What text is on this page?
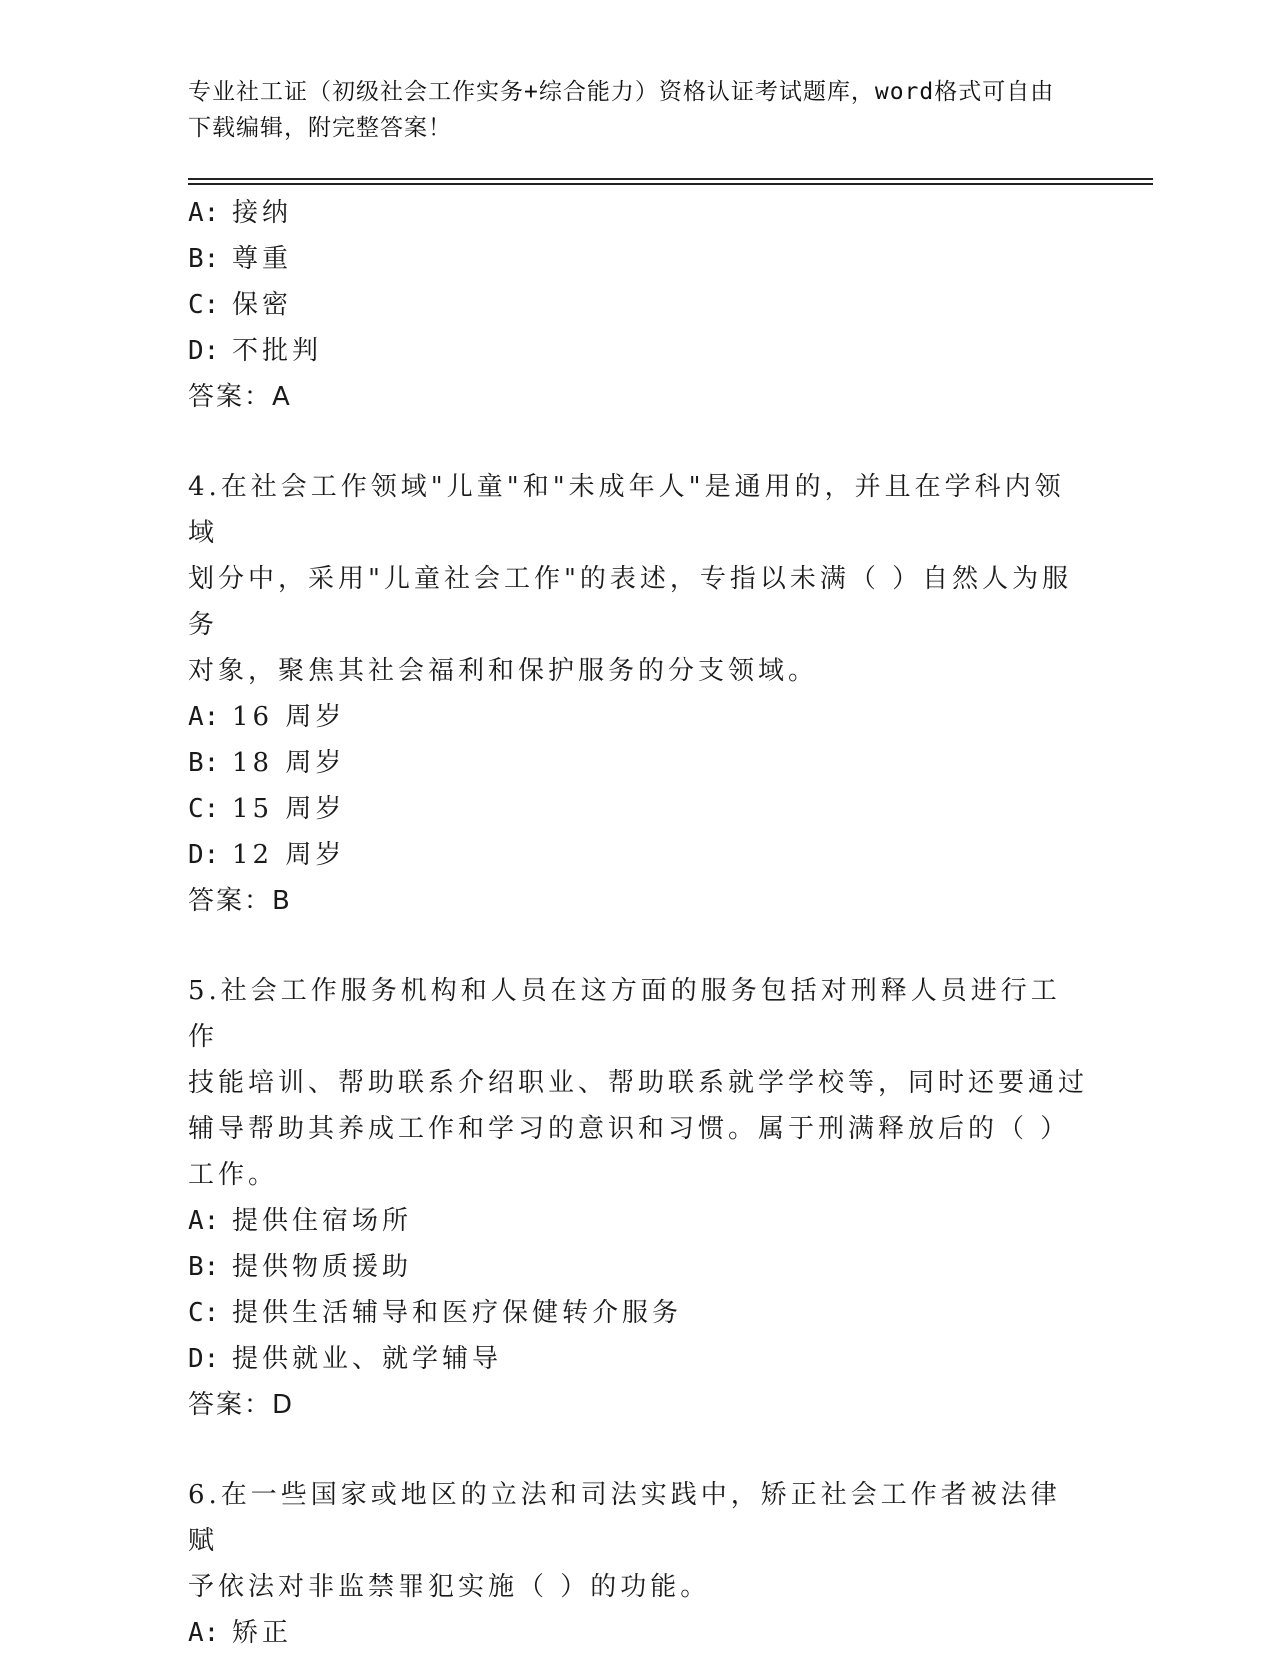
专业社工证（初级社会工作实务+综合能力）资格认证考试题库，word格式可自由
下载编辑，附完整答案！
A: 接纳
B: 尊重
C: 保密
D: 不批判
答案：A
4.在社会工作领域"儿童"和"未成年人"是通用的，并且在学科内领域
划分中，采用"儿童社会工作"的表述，专指以未满（ ）自然人为服务
对象，聚焦其社会福利和保护服务的分支领域。
A: 16 周岁
B: 18 周岁
C: 15 周岁
D: 12 周岁
答案：B
5.社会工作服务机构和人员在这方面的服务包括对刑释人员进行工作
技能培训、帮助联系介绍职业、帮助联系就学学校等，同时还要通过
辅导帮助其养成工作和学习的意识和习惯。属于刑满释放后的（ ）
工作。
A: 提供住宿场所
B: 提供物质援助
C: 提供生活辅导和医疗保健转介服务
D: 提供就业、就学辅导
答案：D
6.在一些国家或地区的立法和司法实践中，矫正社会工作者被法律赋
予依法对非监禁罪犯实施（ ）的功能。
A: 矫正
